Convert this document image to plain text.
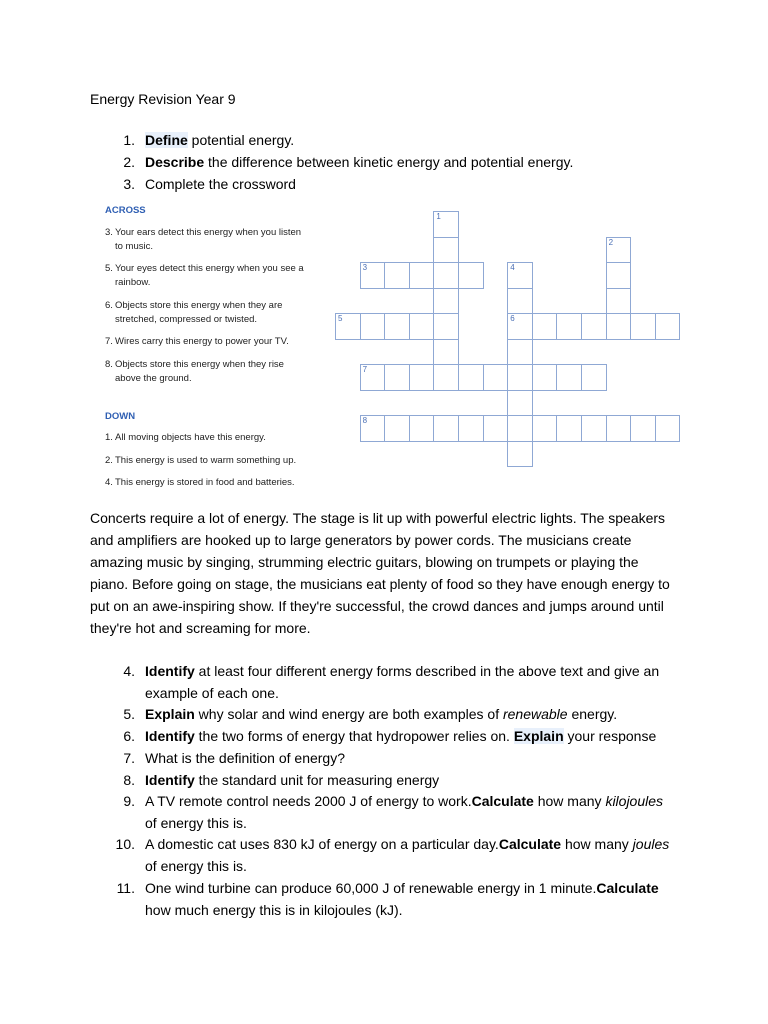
Energy Revision Year 9
1. Define potential energy.
2. Describe the difference between kinetic energy and potential energy.
3. Complete the crossword
ACROSS
3. Your ears detect this energy when you listen to music.
5. Your eyes detect this energy when you see a rainbow.
6. Objects store this energy when they are stretched, compressed or twisted.
7. Wires carry this energy to power your TV.
8. Objects store this energy when they rise above the ground.
DOWN
1. All moving objects have this energy.
2. This energy is used to warm something up.
4. This energy is stored in food and batteries.
1
2
3	4
6
5
7
8
Concerts require a lot of energy. The stage is lit up with powerful electric lights. The speakers and amplifiers are hooked up to large generators by power cords. The musicians create amazing music by singing, strumming electric guitars, blowing on trumpets or playing the piano. Before going on stage, the musicians eat plenty of food so they have enough energy to put on an awe-inspiring show. If they're successful, the crowd dances and jumps around until they're hot and screaming for more.
4. Identify at least four different energy forms described in the above text and give an example of each one.
5. Explain why solar and wind energy are both examples of renewable energy.
6. Identify the two forms of energy that hydropower relies on. Explain your response
7. What is the definition of energy?
8. Identify the standard unit for measuring energy
9. A TV remote control needs 2000 J of energy to work.Calculate how many kilojoules of energy this is.
10. A domestic cat uses 830 kJ of energy on a particular day.Calculate how many joules of energy this is.
11. One wind turbine can produce 60,000 J of renewable energy in 1 minute.Calculate how much energy this is in kilojoules (kJ).
